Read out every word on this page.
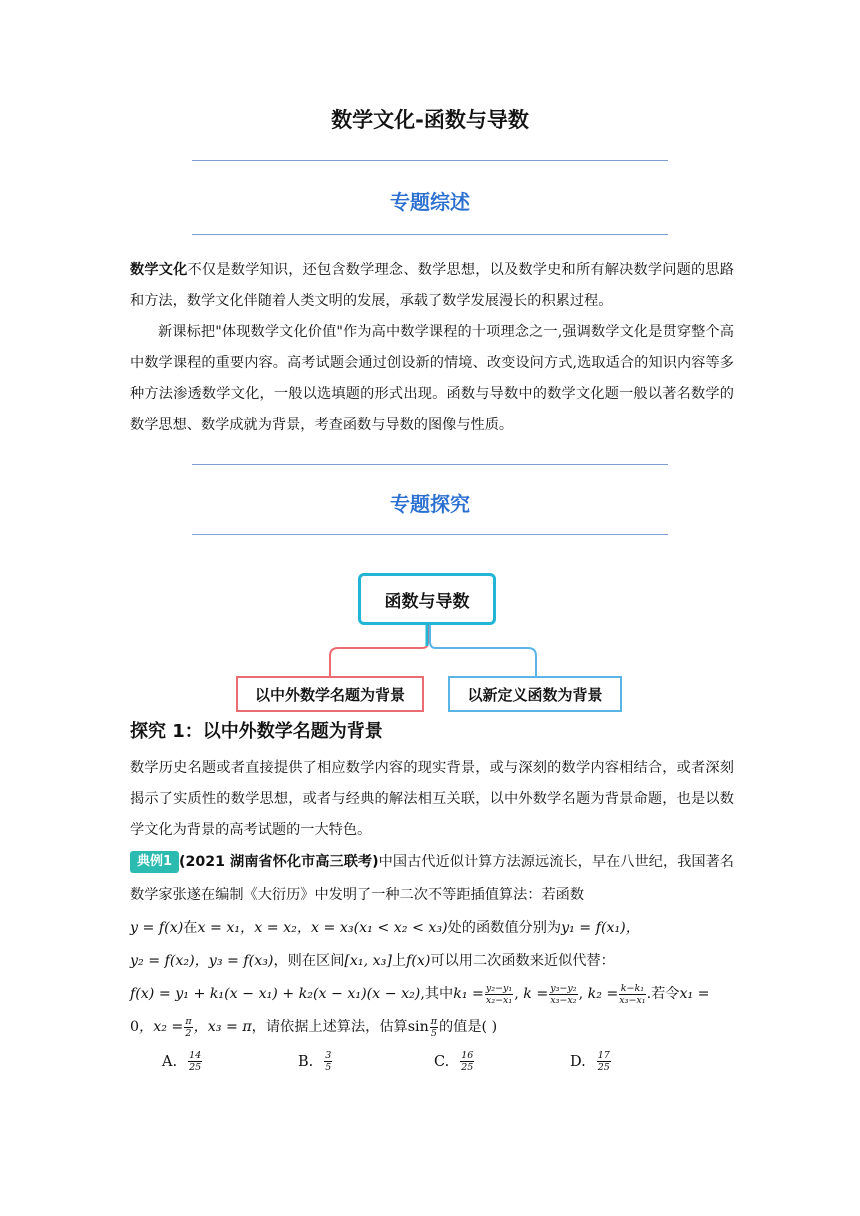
数学文化-函数与导数
专题综述
数学文化不仅是数学知识，还包含数学理念、数学思想，以及数学史和所有解决数学问题的思路和方法，数学文化伴随着人类文明的发展，承载了数学发展漫长的积累过程。
新课标把"体现数学文化价值"作为高中数学课程的十项理念之一,强调数学文化是贯穿整个高中数学课程的重要内容。高考试题会通过创设新的情境、改变设问方式,选取适合的知识内容等多种方法渗透数学文化，一般以选填题的形式出现。函数与导数中的数学文化题一般以著名数学的数学思想、数学成就为背景，考查函数与导数的图像与性质。
专题探究
函数与导数
以中外数学名题为背景	以新定义函数为背景
探究 1：以中外数学名题为背景
数学历史名题或者直接提供了相应数学内容的现实背景，或与深刻的数学内容相结合，或者深刻揭示了实质性的数学思想，或者与经典的解法相互关联，以中外数学名题为背景命题，也是以数学文化为背景的高考试题的一大特色。
典例1 (2021 湖南省怀化市高三联考)中国古代近似计算方法源远流长，早在八世纪，我国著名数学家张遂在编制《大衍历》中发明了一种二次不等距插值算法：若函数
y = f(x)在x = x₁，x = x₂，x = x₃(x₁ < x₂ < x₃)处的函数值分别为y₁ = f(x₁)，
y₂ = f(x₂)，y₃ = f(x₃)，则在区间[x₁, x₃]上f(x)可以用二次函数来近似代替：
f(x) = y₁ + k₁(x − x₁) + k₂(x − x₁)(x − x₂),其中$k_1 = \frac{\text{y₂−y₁}}{\text{x₂−x₁}}$ , $k = \frac{\text{y₃−y₂}}{\text{x₃−x₂}}$ , $k_2 = \frac{\text{k−k₁}}{\text{x₃−x₁}}$ .若令x₁ =
0，$x_2 = \frac{\pi}{2}$ ，x₃ = π，请依据上述算法，估算$\sin \frac{\pi}{5}$ 的值是( )
A. $\frac{14}{25}$	B. $\frac{3}{5}$	C. $\frac{16}{25}$	D. $\frac{17}{25}$
